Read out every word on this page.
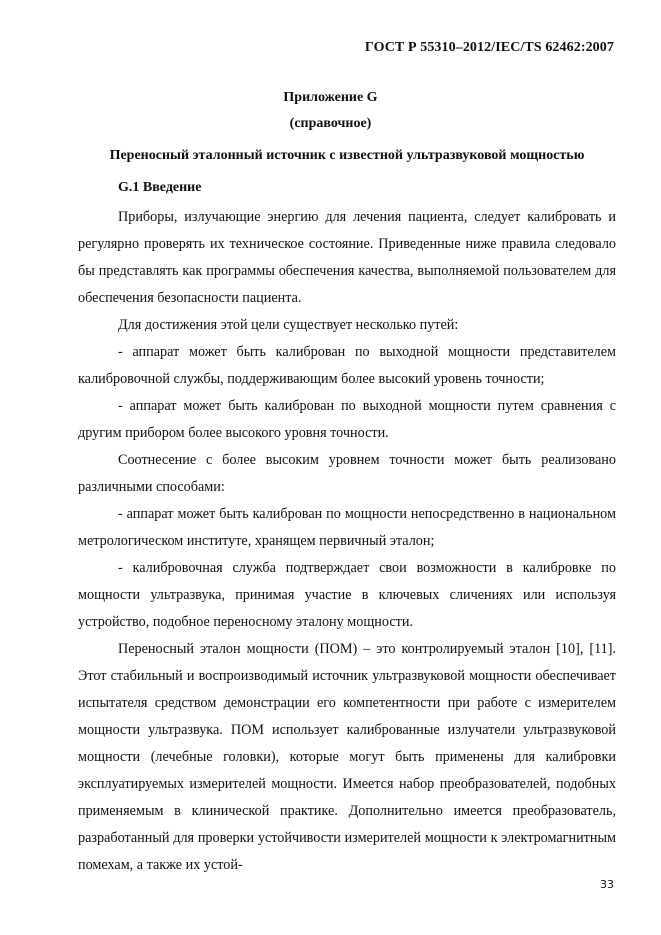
ГОСТ Р 55310–2012/IEC/TS 62462:2007
Приложение G
(справочное)
Переносный эталонный источник с известной ультразвуковой мощностью
G.1 Введение

Приборы, излучающие энергию для лечения пациента, следует калибровать и регулярно проверять их техническое состояние. Приведенные ниже правила следовало бы представлять как программы обеспечения качества, выполняемой пользователем для обеспечения безопасности пациента.

Для достижения этой цели существует несколько путей:

- аппарат может быть калиброван по выходной мощности представителем калибровочной службы, поддерживающим более высокий уровень точности;

- аппарат может быть калиброван по выходной мощности путем сравнения с другим прибором более высокого уровня точности.

Соотнесение с более высоким уровнем точности может быть реализовано различными способами:

- аппарат может быть калиброван по мощности непосредственно в национальном метрологическом институте, хранящем первичный эталон;

- калибровочная служба подтверждает свои возможности в калибровке по мощности ультразвука, принимая участие в ключевых сличениях или используя устройство, подобное переносному эталону мощности.

Переносный эталон мощности (ПОМ) – это контролируемый эталон [10], [11]. Этот стабильный и воспроизводимый источник ультразвуковой мощности обеспечивает испытателя средством демонстрации его компетентности при работе с измерителем мощности ультразвука. ПОМ использует калиброванные излучатели ультразвуковой мощности (лечебные головки), которые могут быть применены для калибровки эксплуатируемых измерителей мощности. Имеется набор преобразователей, подобных применяемым в клинической практике. Дополнительно имеется преобразователь, разработанный для проверки устойчивости измерителей мощности к электромагнитным помехам, а также их устой-

33
